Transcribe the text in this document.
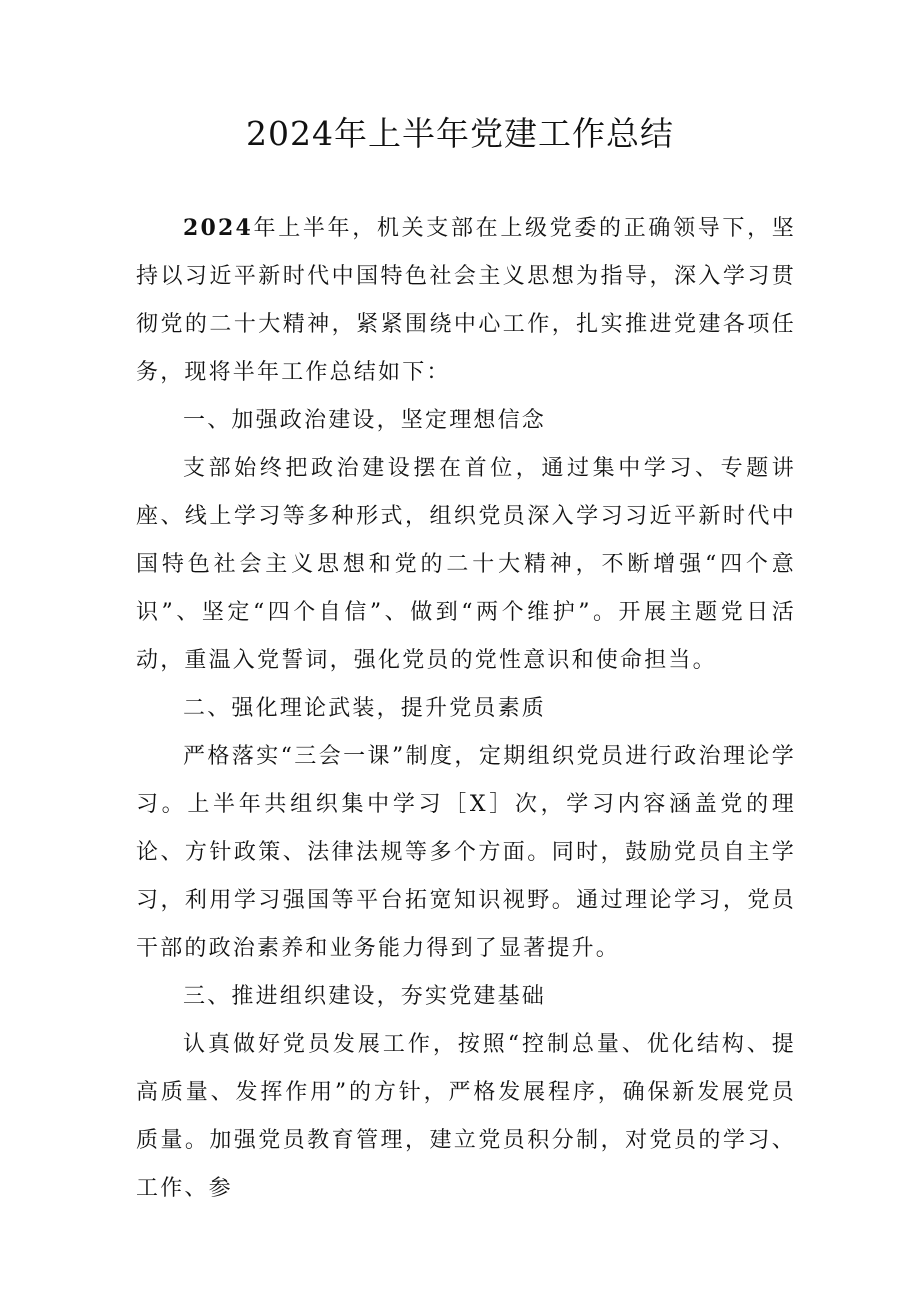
2024年上半年党建工作总结

2024年上半年，机关支部在上级党委的正确领导下，坚持以习近平新时代中国特色社会主义思想为指导，深入学习贯彻党的二十大精神，紧紧围绕中心工作，扎实推进党建各项任务，现将半年工作总结如下：

一、加强政治建设，坚定理想信念

支部始终把政治建设摆在首位，通过集中学习、专题讲座、线上学习等多种形式，组织党员深入学习习近平新时代中国特色社会主义思想和党的二十大精神，不断增强“四个意识”、坚定“四个自信”、做到“两个维护”。开展主题党日活动，重温入党誓词，强化党员的党性意识和使命担当。

二、强化理论武装，提升党员素质

严格落实“三会一课”制度，定期组织党员进行政治理论学习。上半年共组织集中学习［X］次，学习内容涵盖党的理论、方针政策、法律法规等多个方面。同时，鼓励党员自主学习，利用学习强国等平台拓宽知识视野。通过理论学习，党员干部的政治素养和业务能力得到了显著提升。

三、推进组织建设，夯实党建基础

认真做好党员发展工作，按照“控制总量、优化结构、提高质量、发挥作用”的方针，严格发展程序，确保新发展党员质量。加强党员教育管理，建立党员积分制，对党员的学习、工作、参
